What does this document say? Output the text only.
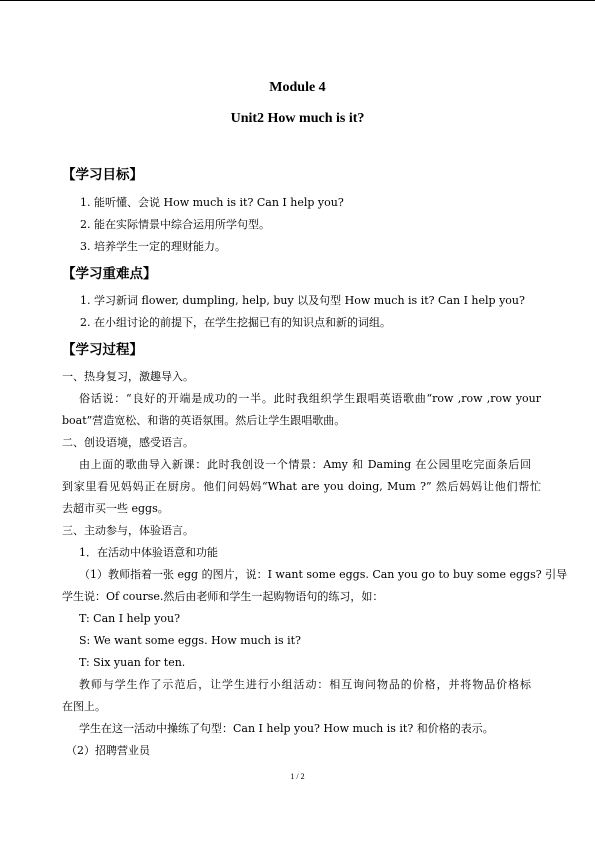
Module 4
Unit2 How much is it?
【学习目标】
1. 能听懂、会说 How much is it? Can I help you?
2. 能在实际情景中综合运用所学句型。
3. 培养学生一定的理财能力。
【学习重难点】
1. 学习新词 flower, dumpling, help, buy 以及句型 How much is it? Can I help you?
2. 在小组讨论的前提下，在学生挖掘已有的知识点和新的词组。
【学习过程】
一、热身复习，激趣导入。
俗话说：“良好的开端是成功的一半。此时我组织学生跟唱英语歌曲“row ,row ,row your
boat”营造宽松、和谐的英语氛围。然后让学生跟唱歌曲。
二、创设语境，感受语言。
由上面的歌曲导入新课：此时我创设一个情景：Amy 和 Daming 在公园里吃完面条后回
到家里看见妈妈正在厨房。他们问妈妈“What are you doing, Mum ?” 然后妈妈让他们帮忙
去超市买一些 eggs。
三、主动参与，体验语言。
1．在活动中体验语意和功能
（1）教师指着一张 egg 的图片，说：I want some eggs. Can you go to buy some eggs? 引导
学生说：Of course.然后由老师和学生一起购物语句的练习，如：
T: Can I help you?
S: We want some eggs. How much is it?
T: Six yuan for ten.
教师与学生作了示范后，让学生进行小组活动：相互询问物品的价格，并将物品价格标
在图上。
学生在这一活动中操练了句型：Can I help you? How much is it? 和价格的表示。
（2）招聘营业员
1 / 2
